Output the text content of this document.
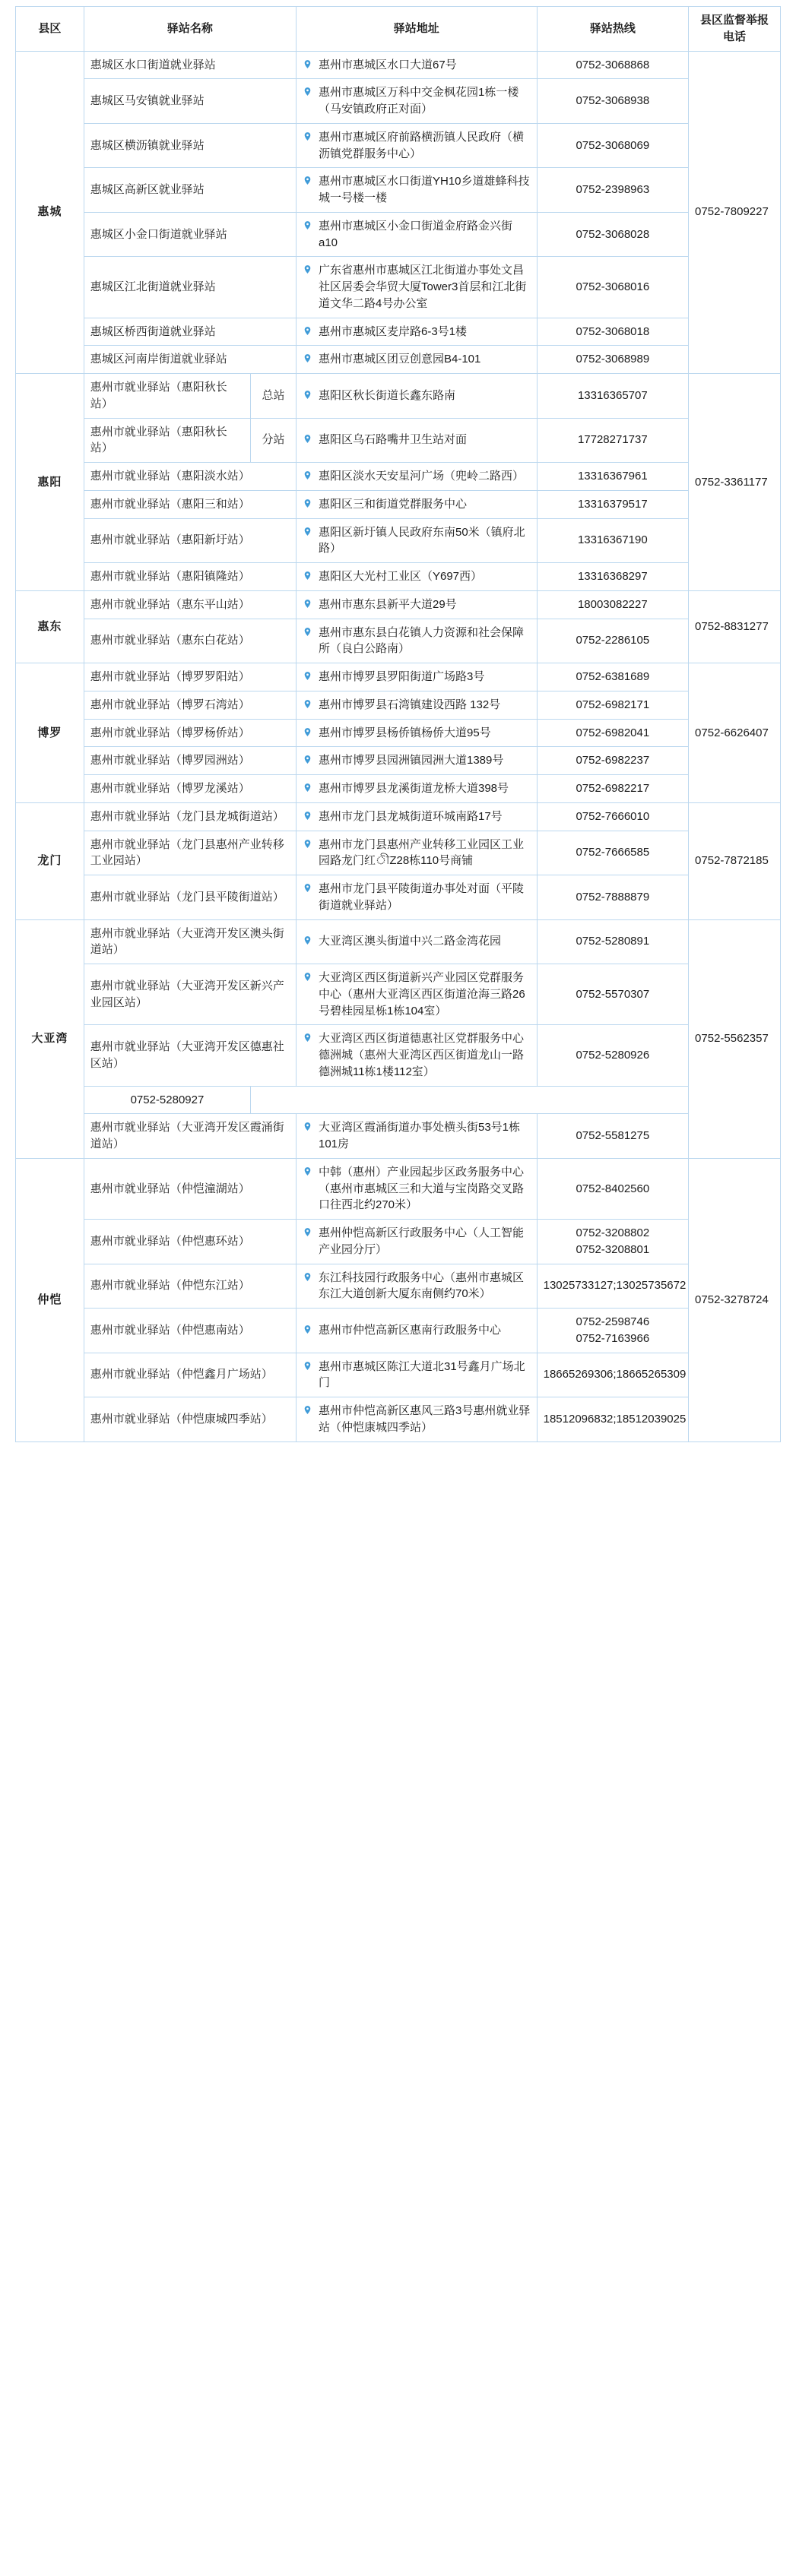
县区	驿站名称		驿站地址	驿站热线	县区监督举报电话
惠城	惠城区水口街道就业驿站		惠州市惠城区水口大道67号	0752-3068868	0752-7809227
	惠城区马安镇就业驿站		惠州市惠城区万科中交金枫花园1栋一楼（马安镇政府正对面）	0752-3068938	
	惠城区横沥镇就业驿站		惠州市惠城区府前路横沥镇人民政府（横沥镇党群服务中心）	0752-3068069	
	惠城区高新区就业驿站		惠州市惠城区水口街道YH10乡道雄蜂科技城一号楼一楼	0752-2398963	
	惠城区小金口街道就业驿站		惠州市惠城区小金口街道金府路金兴街a10	0752-3068028	
	惠城区江北街道就业驿站		广东省惠州市惠城区江北街道办事处文昌社区居委会华贸大厦Tower3首层和江北街道文华二路4号办公室	0752-3068016	
	惠城区桥西街道就业驿站		惠州市惠城区麦岸路6-3号1楼	0752-3068018	
	惠城区河南岸街道就业驿站		惠州市惠城区团豆创意园B4-101	0752-3068989	
惠阳	惠州市就业驿站（惠阳秋长站）	总站	惠阳区秋长街道长鑫东路南	13316365707	0752-3361177
	惠州市就业驿站（惠阳秋长站）	分站	惠阳区乌石路嘴井卫生站对面	17728271737	
	惠州市就业驿站（惠阳淡水站）		惠阳区淡水天安星河广场（兜岭二路西）	13316367961	
	惠州市就业驿站（惠阳三和站）		惠阳区三和街道党群服务中心	13316379517	
	惠州市就业驿站（惠阳新圩站）		惠阳区新圩镇人民政府东南50米（镇府北路）	13316367190	
	惠州市就业驿站（惠阳镇隆站）		惠阳区大光村工业区（Y697西）	13316368297	
惠东	惠州市就业驿站（惠东平山站）		惠州市惠东县新平大道29号	18003082227	0752-8831277
	惠州市就业驿站（惠东白花站）		惠州市惠东县白花镇人力资源和社会保障所（良白公路南）	0752-2286105	
博罗	惠州市就业驿站（博罗罗阳站）		惠州市博罗县罗阳街道广场路3号	0752-6381689	0752-6626407
	惠州市就业驿站（博罗石湾站）		惠州市博罗县石湾镇建设西路 132号	0752-6982171	
	惠州市就业驿站（博罗杨侨站）		惠州市博罗县杨侨镇杨侨大道95号	0752-6982041	
	惠州市就业驿站（博罗园洲站）		惠州市博罗县园洲镇园洲大道1389号	0752-6982237	
	惠州市就业驿站（博罗龙溪站）		惠州市博罗县龙溪街道龙桥大道398号	0752-6982217	
龙门	惠州市就业驿站（龙门县龙城街道站）		惠州市龙门县龙城街道环城南路17号	0752-7666010	0752-7872185
	惠州市就业驿站（龙门县惠州产业转移工业园站）		惠州市龙门县惠州产业转移工业园区工业园路龙门红ীZ28栋110号商铺	0752-7666585	
	惠州市就业驿站（龙门县平陵街道站）		惠州市龙门县平陵街道办事处对面（平陵街道就业驿站）	0752-7888879	
大亚湾	惠州市就业驿站（大亚湾开发区澳头街道站）		大亚湾区澳头街道中兴二路金湾花园	0752-5280891	0752-5562357
	惠州市就业驿站（大亚湾开发区新兴产业园区站）		大亚湾区西区街道新兴产业园区党群服务中心（惠州大亚湾区西区街道沧海三路26号碧桂园星栎1栋104室）	0752-5570307	
	惠州市就业驿站（大亚湾开发区德惠社区站）		大亚湾区西区街道德惠社区党群服务中心德洲城（惠州大亚湾区西区街道龙山一路德洲城11栋1楼112室）	0752-5280926	
	0752-5280927				
	惠州市就业驿站（大亚湾开发区霞涌街道站）		大亚湾区霞涌街道办事处横头街53号1栋101房	0752-5581275	
仲恺	惠州市就业驿站（仲恺潼湖站）		中韩（惠州）产业园起步区政务服务中心（惠州市惠城区三和大道与宝岗路交叉路口往西北约270米）	0752-8402560	0752-3278724
	惠州市就业驿站（仲恺惠环站）		惠州仲恺高新区行政服务中心（人工智能产业园分厅）	0752-3208802
0752-3208801	
	惠州市就业驿站（仲恺东江站）		东江科技园行政服务中心（惠州市惠城区东江大道创新大厦东南侧约70米）	13025733127;13025735672	
	惠州市就业驿站（仲恺惠南站）		惠州市仲恺高新区惠南行政服务中心	0752-2598746
0752-7163966	
	惠州市就业驿站（仲恺鑫月广场站）		惠州市惠城区陈江大道北31号鑫月广场北门	18665269306;18665265309	
	惠州市就业驿站（仲恺康城四季站）		惠州市仲恺高新区惠风三路3号惠州就业驿站（仲恺康城四季站）	18512096832;18512039025	
